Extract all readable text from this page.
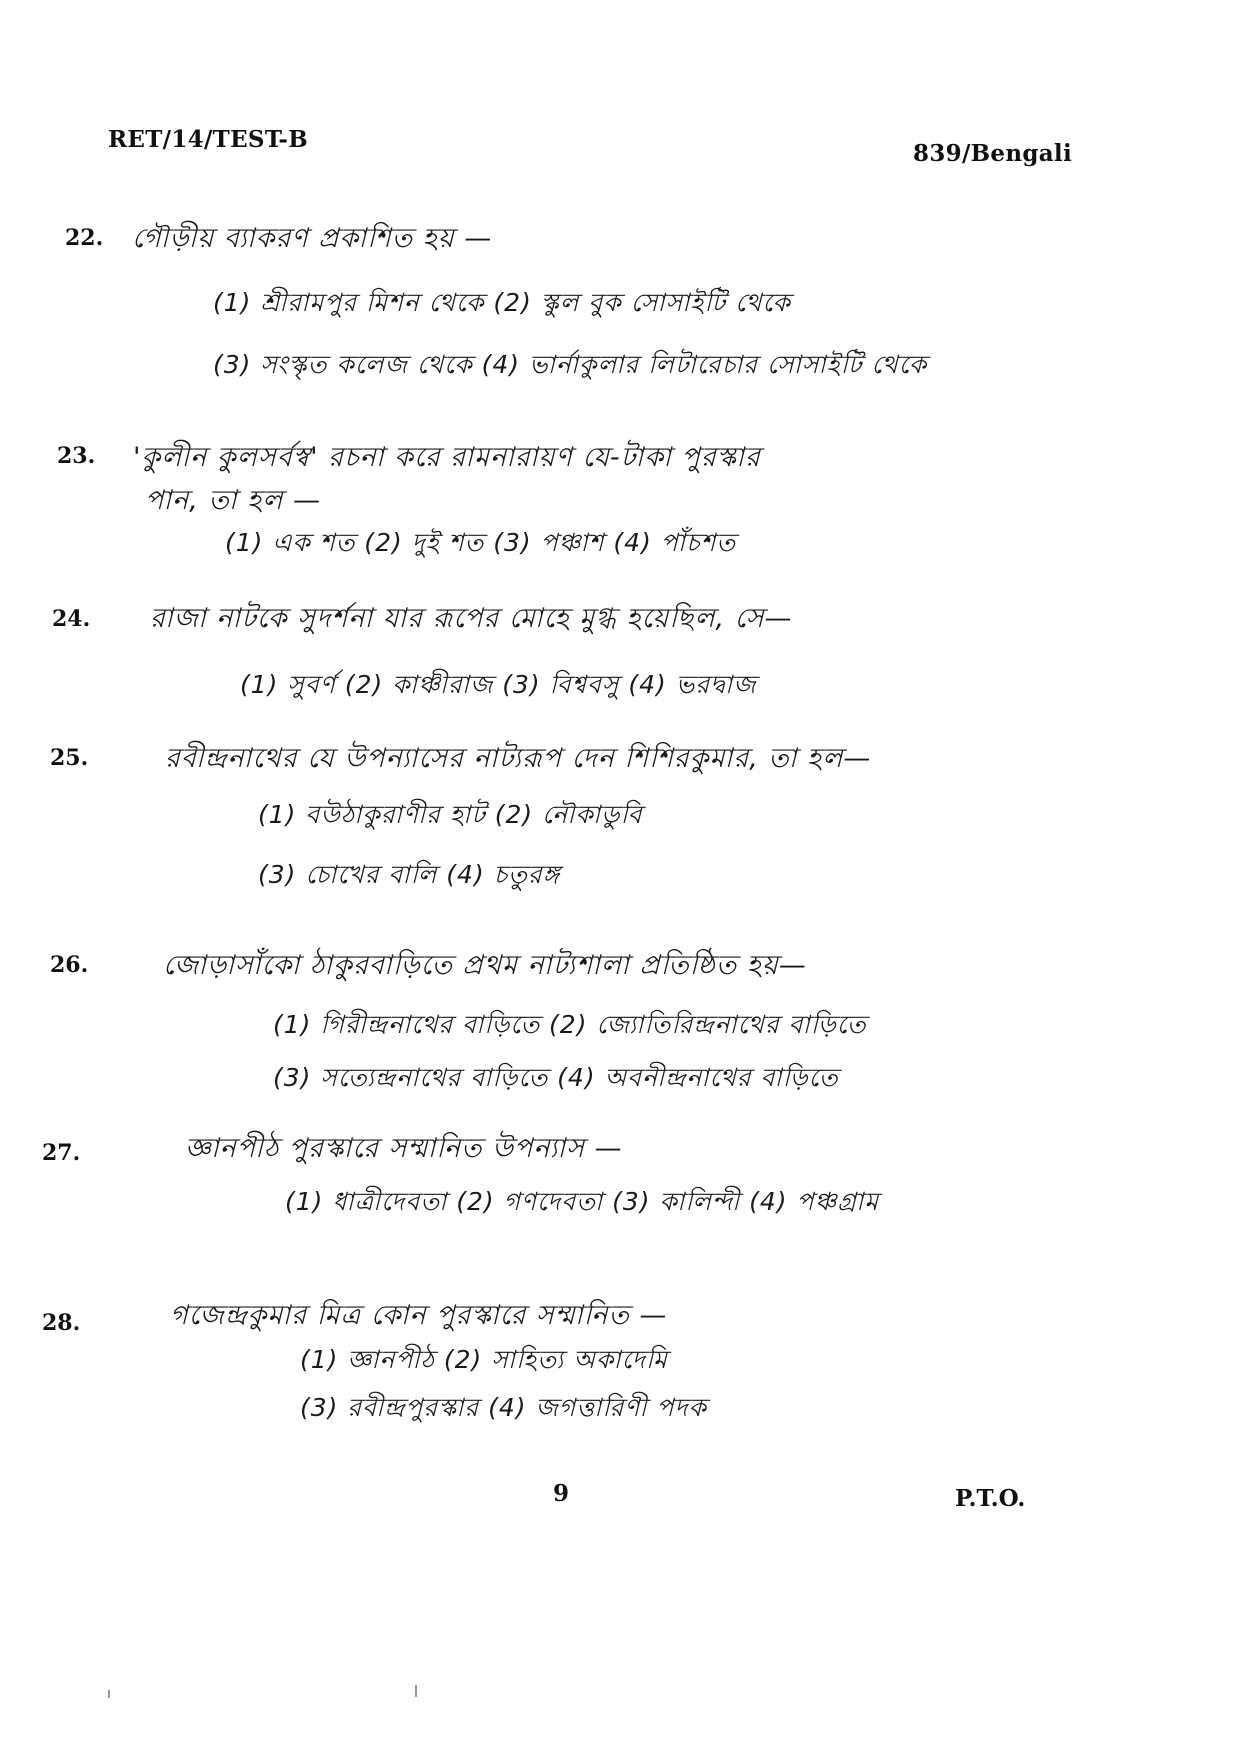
RET/14/TEST-B
839/Bengali
22. গৌড়ীয় ব্যাকরণ প্রকাশিত হয় —
(1) শ্রীরামপুর মিশন থেকে (2) স্কুল বুক সোসাইটি থেকে
(3) সংস্কৃত কলেজ থেকে (4) ভার্নাকুলার লিটারেচার সোসাইটি থেকে
23. 'কুলীন কুলসর্বস্ব' রচনা করে রামনারায়ণ যে-টাকা পুরস্কার
পান, তা হল —
(1) এক শত (2) দুই শত (3) পঞ্চাশ (4) পাঁচশত
24. রাজা নাটকে সুদর্শনা যার রূপের মোহে মুগ্ধ হয়েছিল, সে—
(1) সুবর্ণ (2) কাঞ্চীরাজ (3) বিশ্ববসু (4) ভরদ্বাজ
25.	রবীন্দ্রনাথের যে উপন্যাসের নাট্যরূপ দেন শিশিরকুমার, তা হল—
(1) বউঠাকুরাণীর হাট (2) নৌকাডুবি
(3) চোখের বালি (4) চতুরঙ্গ
26.	জোড়াসাঁকো ঠাকুরবাড়িতে প্রথম নাট্যশালা প্রতিষ্ঠিত হয়—
(1) গিরীন্দ্রনাথের বাড়িতে (2) জ্যোতিরিন্দ্রনাথের বাড়িতে
(3) সত্যেন্দ্রনাথের বাড়িতে (4) অবনীন্দ্রনাথের বাড়িতে
27.	জ্ঞানপীঠ পুরস্কারে সম্মানিত উপন্যাস —
(1) ধাত্রীদেবতা (2) গণদেবতা (3) কালিন্দী (4) পঞ্চগ্রাম
28.	গজেন্দ্রকুমার মিত্র কোন পুরস্কারে সম্মানিত —
(1) জ্ঞানপীঠ (2) সাহিত্য অকাদেমি
(3) রবীন্দ্রপুরস্কার (4) জগত্তারিণী পদক
9	P.T.O.
